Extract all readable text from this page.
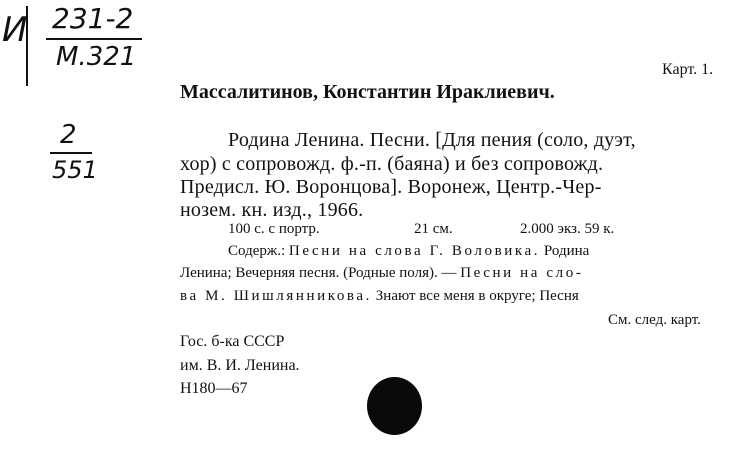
И 231-2
М.321
2
551
Карт. 1.
Массалитинов, Константин Ираклиевич.
Родина Ленина. Песни. [Для пения (соло, дуэт,
хор) с сопровожд. ф.-п. (баяна) и без сопровожд.
Предисл. Ю. Воронцова]. Воронеж, Центр.-Чер-
нозем. кн. изд., 1966.
100 с. с портр.	21 см.	2.000 экз. 59 к.
Содерж.: Песни на слова Г. Воловика. Родина
Ленина; Вечерняя песня. (Родные поля). — Песни на сло-
ва М. Шишлянникова. Знают все меня в округе; Песня
См. след. карт.
Гос. б-ка СССР
им. В. И. Ленина.
Н180—67
